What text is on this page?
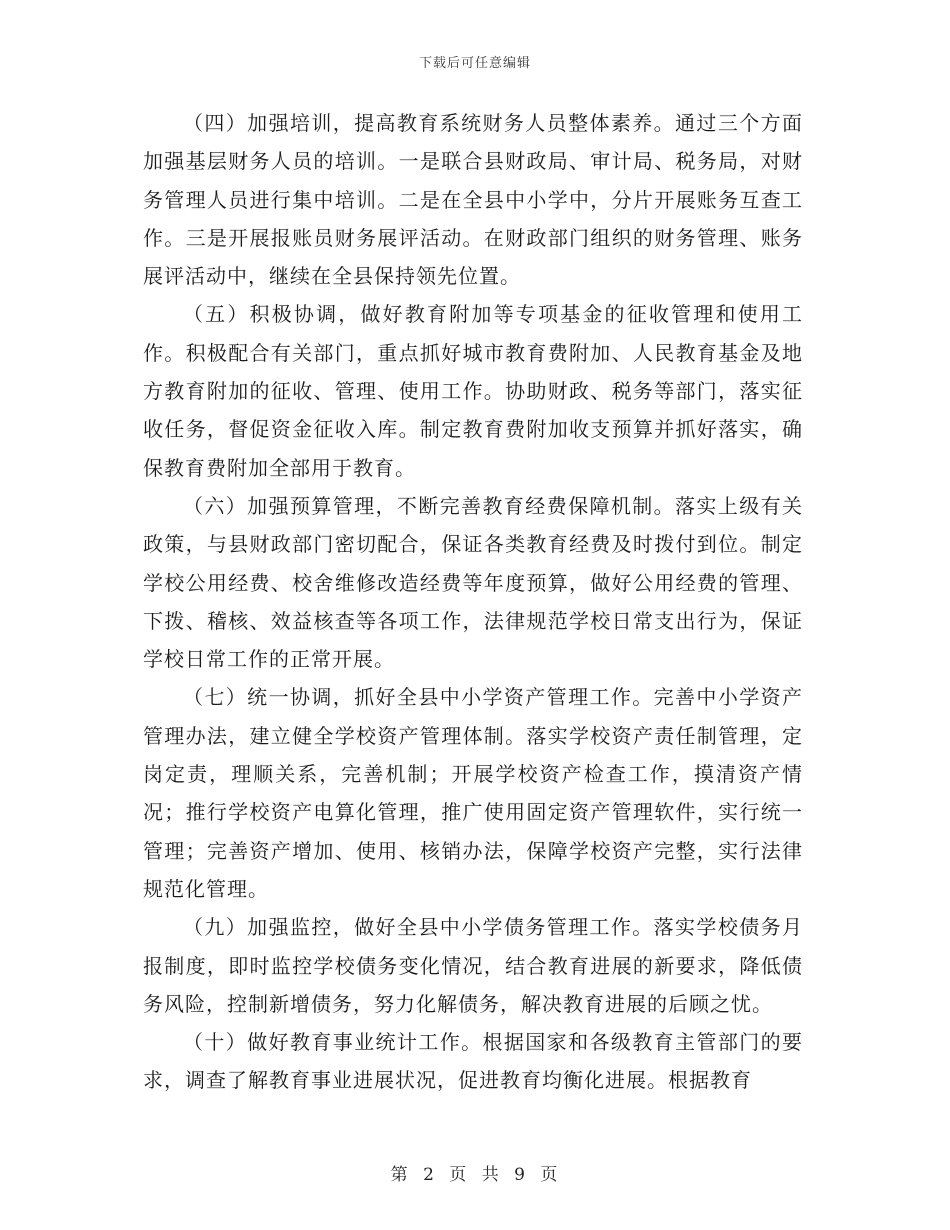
下载后可任意编辑

（四）加强培训，提高教育系统财务人员整体素养。通过三个方面加强基层财务人员的培训。一是联合县财政局、审计局、税务局，对财务管理人员进行集中培训。二是在全县中小学中，分片开展账务互查工作。三是开展报账员财务展评活动。在财政部门组织的财务管理、账务展评活动中，继续在全县保持领先位置。

（五）积极协调，做好教育附加等专项基金的征收管理和使用工作。积极配合有关部门，重点抓好城市教育费附加、人民教育基金及地方教育附加的征收、管理、使用工作。协助财政、税务等部门，落实征收任务，督促资金征收入库。制定教育费附加收支预算并抓好落实，确保教育费附加全部用于教育。

（六）加强预算管理，不断完善教育经费保障机制。落实上级有关政策，与县财政部门密切配合，保证各类教育经费及时拨付到位。制定学校公用经费、校舍维修改造经费等年度预算，做好公用经费的管理、下拨、稽核、效益核查等各项工作，法律规范学校日常支出行为，保证学校日常工作的正常开展。

（七）统一协调，抓好全县中小学资产管理工作。完善中小学资产管理办法，建立健全学校资产管理体制。落实学校资产责任制管理，定岗定责，理顺关系，完善机制；开展学校资产检查工作，摸清资产情况；推行学校资产电算化管理，推广使用固定资产管理软件，实行统一管理；完善资产增加、使用、核销办法，保障学校资产完整，实行法律规范化管理。

（九）加强监控，做好全县中小学债务管理工作。落实学校债务月报制度，即时监控学校债务变化情况，结合教育进展的新要求，降低债务风险，控制新增债务，努力化解债务，解决教育进展的后顾之忧。

（十）做好教育事业统计工作。根据国家和各级教育主管部门的要求，调查了解教育事业进展状况，促进教育均衡化进展。根据教育

第 2 页 共 9 页
